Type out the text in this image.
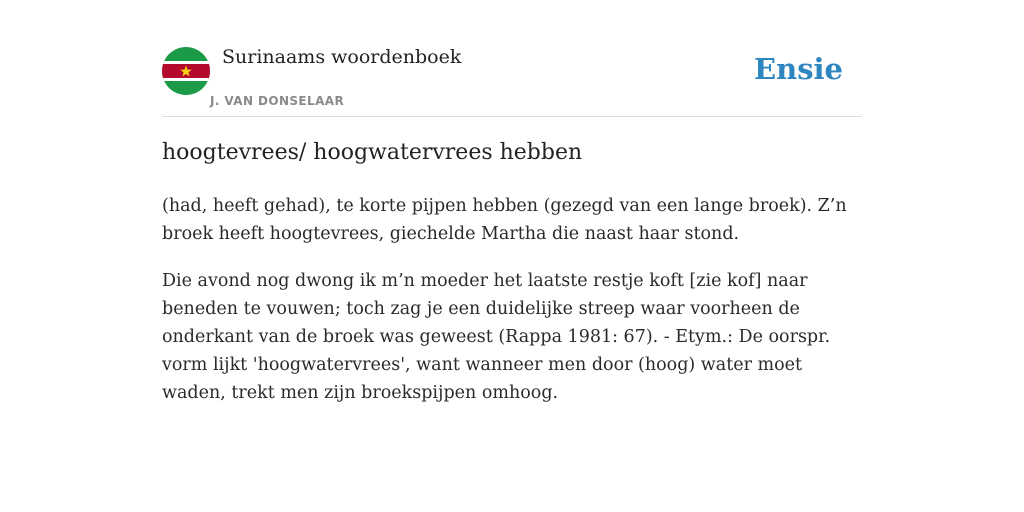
Surinaams woordenboek
J. VAN DONSELAAR
Ensie
hoogtevrees/ hoogwatervrees hebben

(had, heeft gehad), te korte pijpen hebben (gezegd van een lange broek). Z’n broek heeft hoogtevrees, giechelde Martha die naast haar stond.

Die avond nog dwong ik m’n moeder het laatste restje koft [zie kof] naar beneden te vouwen; toch zag je een duidelijke streep waar voorheen de onderkant van de broek was geweest (Rappa 1981: 67). - Etym.: De oorspr. vorm lijkt 'hoogwatervrees', want wanneer men door (hoog) water moet waden, trekt men zijn broekspijpen omhoog.
